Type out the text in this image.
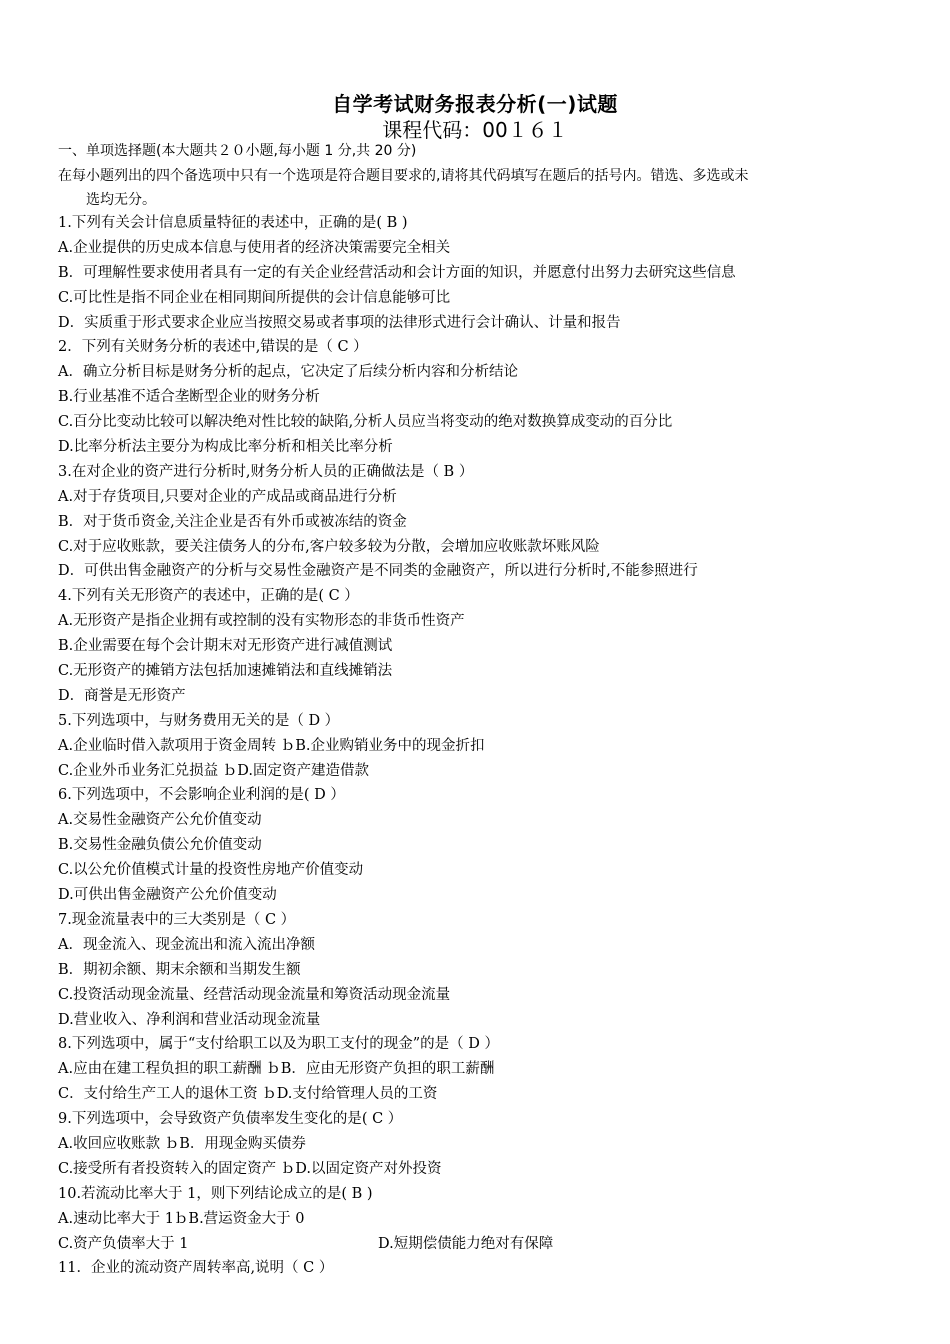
自学考试财务报表分析(一)试题
课程代码：00１６１
一、单项选择题(本大题共２０小题,每小题 1 分,共 20 分)
在每小题列出的四个备选项中只有一个选项是符合题目要求的,请将其代码填写在题后的括号内。错选、多选或未
选均无分。
1.下列有关会计信息质量特征的表述中，正确的是( B )
A.企业提供的历史成本信息与使用者的经济决策需要完全相关
B．可理解性要求使用者具有一定的有关企业经营活动和会计方面的知识，并愿意付出努力去研究这些信息
C.可比性是指不同企业在相同期间所提供的会计信息能够可比
D．实质重于形式要求企业应当按照交易或者事项的法律形式进行会计确认、计量和报告
2．下列有关财务分析的表述中,错误的是（ C ）
A．确立分析目标是财务分析的起点，它决定了后续分析内容和分析结论
B.行业基准不适合垄断型企业的财务分析
C.百分比变动比较可以解决绝对性比较的缺陷,分析人员应当将变动的绝对数换算成变动的百分比
D.比率分析法主要分为构成比率分析和相关比率分析
3.在对企业的资产进行分析时,财务分析人员的正确做法是（ B ）
A.对于存货项目,只要对企业的产成品或商品进行分析
B．对于货币资金,关注企业是否有外币或被冻结的资金
C.对于应收账款，要关注债务人的分布,客户较多较为分散，会增加应收账款坏账风险
D．可供出售金融资产的分析与交易性金融资产是不同类的金融资产，所以进行分析时,不能参照进行
4.下列有关无形资产的表述中，正确的是( C ）
A.无形资产是指企业拥有或控制的没有实物形态的非货币性资产
B.企业需要在每个会计期末对无形资产进行减值测试
C.无形资产的摊销方法包括加速摊销法和直线摊销法
D．商誉是无形资产
5.下列选项中，与财务费用无关的是（ D ）
A.企业临时借入款项用于资金周转 ｂB.企业购销业务中的现金折扣
C.企业外币业务汇兑损益 ｂD.固定资产建造借款
6.下列选项中，不会影响企业利润的是( D ）
A.交易性金融资产公允价值变动
B.交易性金融负债公允价值变动
C.以公允价值模式计量的投资性房地产价值变动
D.可供出售金融资产公允价值变动
7.现金流量表中的三大类别是（ C ）
A．现金流入、现金流出和流入流出净额
B．期初余额、期末余额和当期发生额
C.投资活动现金流量、经营活动现金流量和筹资活动现金流量
D.营业收入、净利润和营业活动现金流量
8.下列选项中，属于“支付给职工以及为职工支付的现金”的是（ D ）
A.应由在建工程负担的职工薪酬 ｂB．应由无形资产负担的职工薪酬
C．支付给生产工人的退休工资 ｂD.支付给管理人员的工资
9.下列选项中，会导致资产负债率发生变化的是( C ）
A.收回应收账款 ｂB．用现金购买债券
C.接受所有者投资转入的固定资产 ｂD.以固定资产对外投资
10.若流动比率大于 1，则下列结论成立的是( B )
A.速动比率大于 1ｂB.营运资金大于 0
C.资产负债率大于 1	D.短期偿债能力绝对有保障
11．企业的流动资产周转率高,说明（ C ）
